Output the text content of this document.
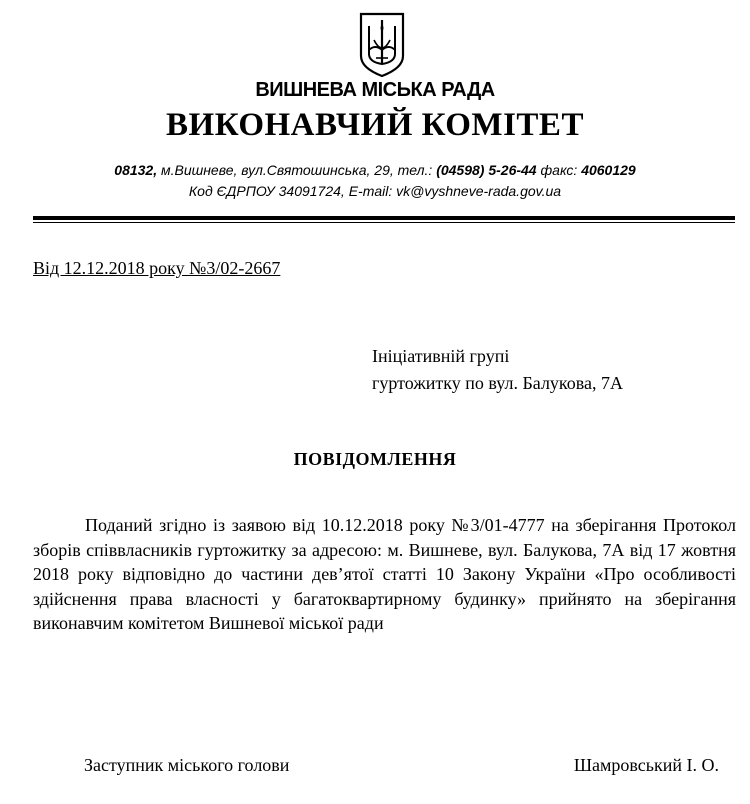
ВИШНЕВА МІСЬКА РАДА
ВИКОНАВЧИЙ КОМІТЕТ
08132, м.Вишневе, вул.Святошинська, 29, тел.: (04598) 5-26-44 факс: 4060129
Код ЄДРПОУ 34091724, E-mail: vk@vyshneve-rada.gov.ua
Від 12.12.2018 року №3/02-2667
Ініціативній групі
гуртожитку по вул. Балукова, 7А
ПОВІДОМЛЕННЯ
Поданий згідно із заявою від 10.12.2018 року №3/01-4777 на зберігання Протокол зборів співвласників гуртожитку за адресою: м. Вишневе, вул. Балукова, 7А від 17 жовтня 2018 року відповідно до частини дев’ятої статті 10 Закону України «Про особливості здійснення права власності у багатоквартирному будинку» прийнято на зберігання виконавчим комітетом Вишневої міської ради
Заступник міського голови	Шамровський І. О.
